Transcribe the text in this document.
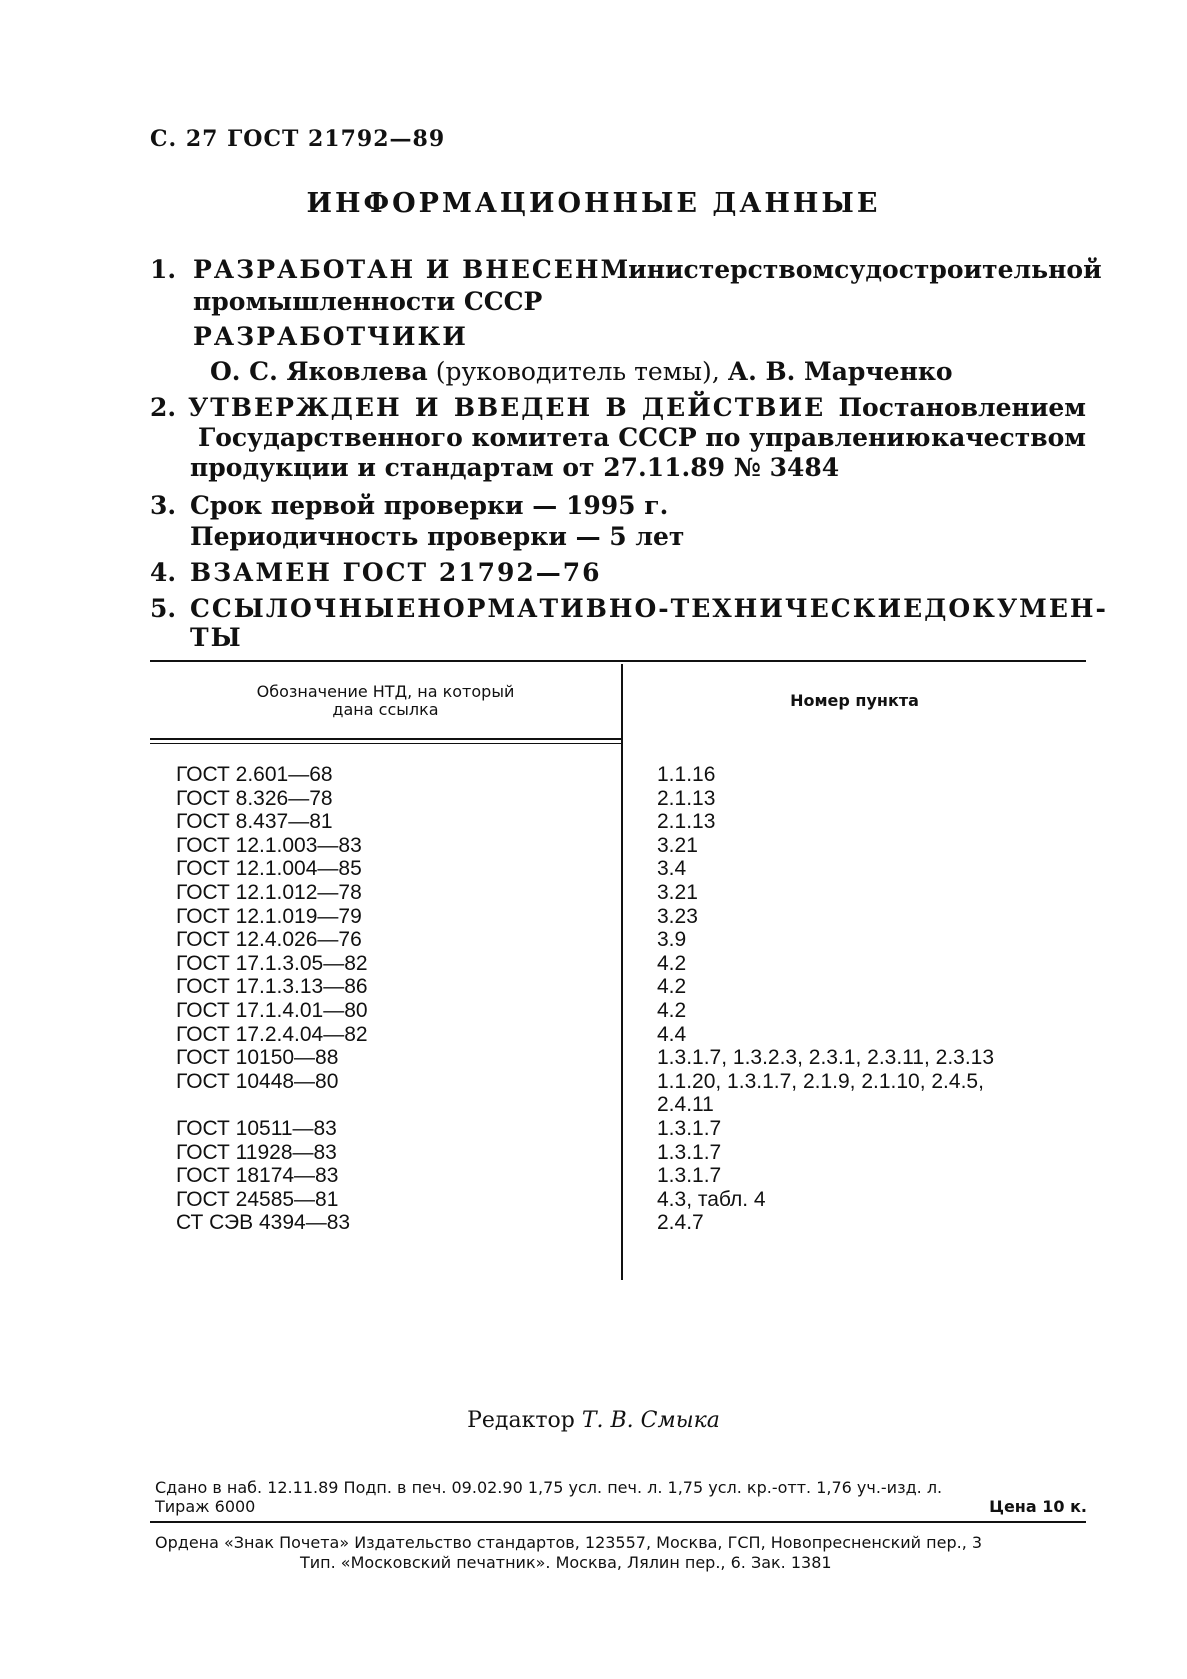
С. 27 ГОСТ 21792—89
ИНФОРМАЦИОННЫЕ ДАННЫЕ
1. РАЗРАБОТАН И ВНЕСЕН Министерством судостроительной
промышленности СССР
РАЗРАБОТЧИКИ
О. С. Яковлева (руководитель темы), А. В. Марченко
2. УТВЕРЖДЕН И ВВЕДЕН В ДЕЙСТВИЕ Постановлением
Государственного комитета СССР по управлению качеством
продукции и стандартам от 27.11.89 № 3484
3. Срок первой проверки — 1995 г.
Периодичность проверки — 5 лет
4. ВЗАМЕН ГОСТ 21792—76
5. ССЫЛОЧНЫЕ НОРМАТИВНО-ТЕХНИЧЕСКИЕ ДОКУМЕН-
ТЫ
Обозначение НТД, на который
дана ссылка	Номер пункта
ГОСТ 2.601—68	1.1.16
ГОСТ 8.326—78	2.1.13
ГОСТ 8.437—81	2.1.13
ГОСТ 12.1.003—83	3.21
ГОСТ 12.1.004—85	3.4
ГОСТ 12.1.012—78	3.21
ГОСТ 12.1.019—79	3.23
ГОСТ 12.4.026—76	3.9
ГОСТ 17.1.3.05—82	4.2
ГОСТ 17.1.3.13—86	4.2
ГОСТ 17.1.4.01—80	4.2
ГОСТ 17.2.4.04—82	4.4
ГОСТ 10150—88	1.3.1.7, 1.3.2.3, 2.3.1, 2.3.11, 2.3.13
ГОСТ 10448—80	1.1.20, 1.3.1.7, 2.1.9, 2.1.10, 2.4.5,
2.4.11
ГОСТ 10511—83	1.3.1.7
ГОСТ 11928—83	1.3.1.7
ГОСТ 18174—83	1.3.1.7
ГОСТ 24585—81	4.3, табл. 4
СТ СЭВ 4394—83	2.4.7
Редактор Т. В. Смыка
Сдано в наб. 12.11.89 Подп. в печ. 09.02.90 1,75 усл. печ. л. 1,75 усл. кр.-отт. 1,76 уч.-изд. л.
Тираж 6000	Цена 10 к.
Ордена «Знак Почета» Издательство стандартов, 123557, Москва, ГСП, Новопресненский пер., 3
Тип. «Московский печатник». Москва, Лялин пер., 6. Зак. 1381
